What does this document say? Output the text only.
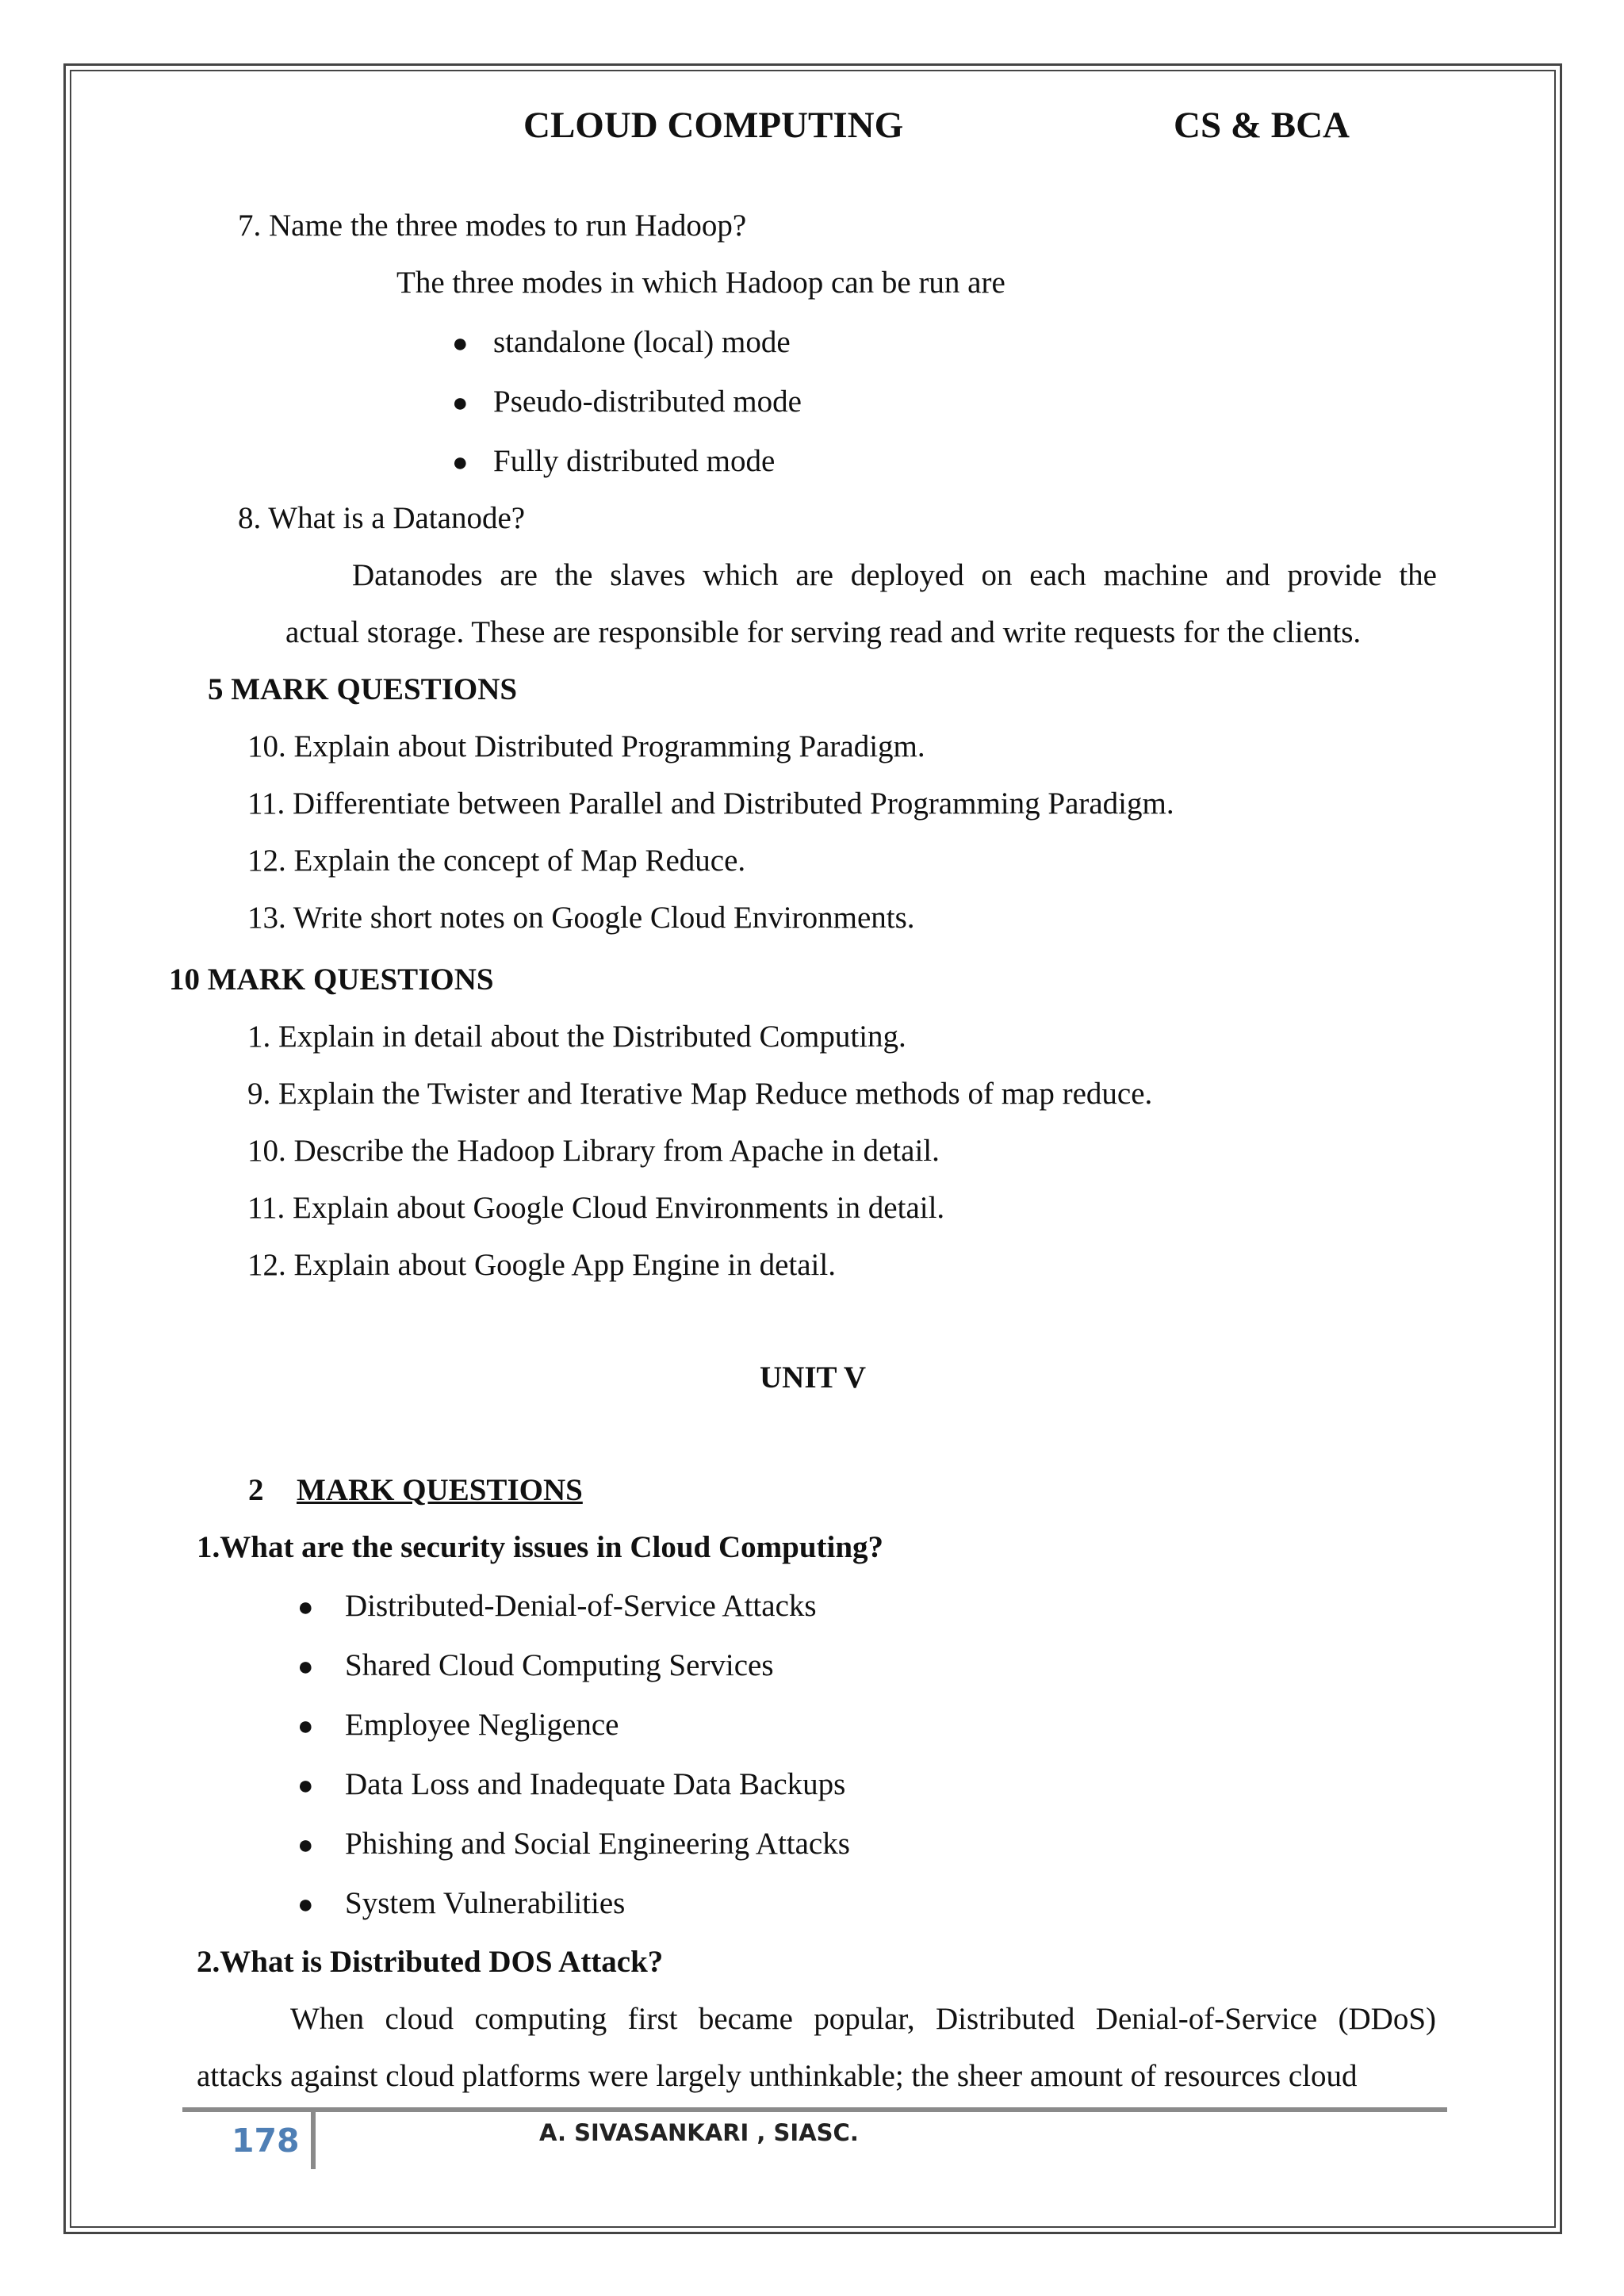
CLOUD COMPUTING	CS & BCA
7. Name the three modes to run Hadoop?
The three modes in which Hadoop can be run are
● standalone (local) mode
● Pseudo-distributed mode
● Fully distributed mode
8. What is a Datanode?
Datanodes are the slaves which are deployed on each machine and provide the
actual storage. These are responsible for serving read and write requests for the clients.
5 MARK QUESTIONS
10. Explain about Distributed Programming Paradigm.
11. Differentiate between Parallel and Distributed Programming Paradigm.
12. Explain the concept of Map Reduce.
13. Write short notes on Google Cloud Environments.
10 MARK QUESTIONS
1. Explain in detail about the Distributed Computing.
9. Explain the Twister and Iterative Map Reduce methods of map reduce.
10. Describe the Hadoop Library from Apache in detail.
11. Explain about Google Cloud Environments in detail.
12. Explain about Google App Engine in detail.
UNIT V
2 MARK QUESTIONS
1.What are the security issues in Cloud Computing?
● Distributed-Denial-of-Service Attacks
● Shared Cloud Computing Services
● Employee Negligence
● Data Loss and Inadequate Data Backups
● Phishing and Social Engineering Attacks
● System Vulnerabilities
2.What is Distributed DOS Attack?
When cloud computing first became popular, Distributed Denial-of-Service (DDoS)
attacks against cloud platforms were largely unthinkable; the sheer amount of resources cloud
178	A. SIVASANKARI , SIASC.
